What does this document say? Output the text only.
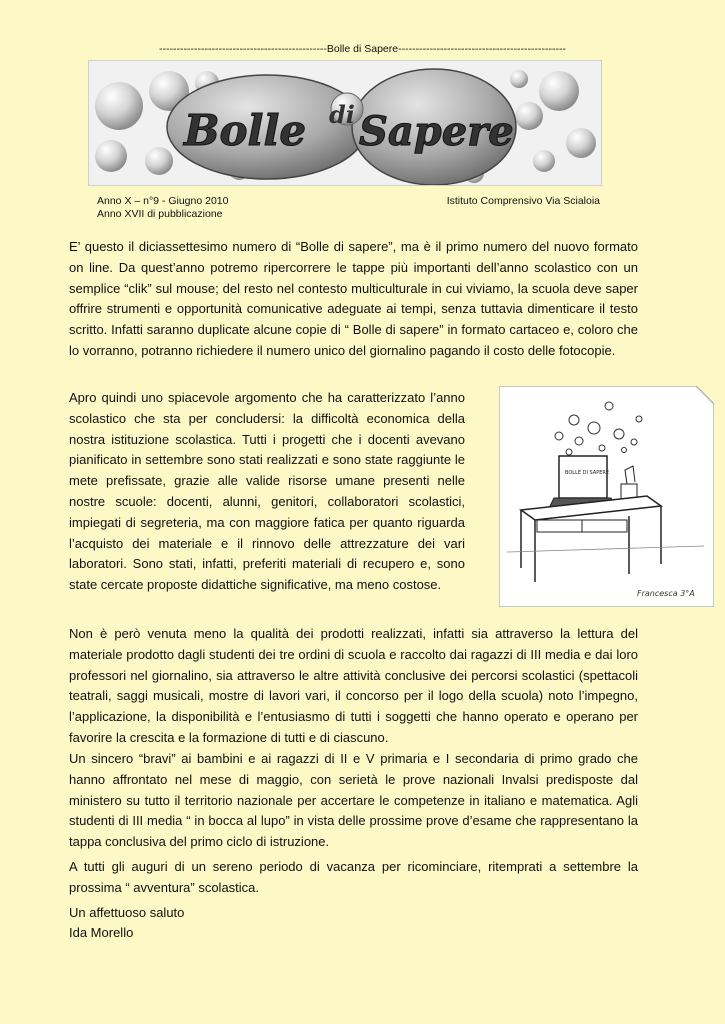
------------------------------------------------Bolle di Sapere------------------------------------------------
Bolle di Sapere
Anno X – n°9 - Giugno 2010
Anno XVII di pubblicazione
Istituto Comprensivo Via Scialoia

E’ questo il diciassettesimo numero di “Bolle di sapere”, ma è il primo numero del nuovo formato on line. Da quest’anno potremo ripercorrere le tappe più importanti dell’anno scolastico con un semplice “clik” sul mouse; del resto nel contesto multiculturale in cui viviamo, la scuola deve saper offrire strumenti e opportunità comunicative adeguate ai tempi, senza tuttavia dimenticare il testo scritto. Infatti saranno duplicate alcune copie di “ Bolle di sapere” in formato cartaceo e, coloro che lo vorranno, potranno richiedere il numero unico del giornalino pagando il costo delle fotocopie.

Apro quindi uno spiacevole argomento che ha caratterizzato l’anno scolastico che sta per concludersi: la difficoltà economica della nostra istituzione scolastica. Tutti i progetti che i docenti avevano pianificato in settembre sono stati realizzati e sono state raggiunte le mete prefissate, grazie alle valide risorse umane presenti nelle nostre scuole: docenti, alunni, genitori, collaboratori scolastici, impiegati di segreteria, ma con maggiore fatica per quanto riguarda l’acquisto dei materiale e il rinnovo delle attrezzature dei vari laboratori. Sono stati, infatti, preferiti materiali di recupero e, sono state cercate proposte didattiche significative, ma meno costose.

BOLLE DI SAPERE
Francesca 3°A

Non è però venuta meno la qualità dei prodotti realizzati, infatti sia attraverso la lettura del materiale prodotto dagli studenti dei tre ordini di scuola e raccolto dai ragazzi di III media e dai loro professori nel giornalino, sia attraverso le altre attività conclusive dei percorsi scolastici (spettacoli teatrali, saggi musicali, mostre di lavori vari, il concorso per il logo della scuola) noto l’impegno, l’applicazione, la disponibilità e l’entusiasmo di tutti i soggetti che hanno operato e operano per favorire la crescita e la formazione di tutti e di ciascuno.

Un sincero “bravi” ai bambini e ai ragazzi di II e V primaria e I secondaria di primo grado che hanno affrontato nel mese di maggio, con serietà le prove nazionali Invalsi predisposte dal ministero su tutto il territorio nazionale per accertare le competenze in italiano e matematica. Agli studenti di III media “ in bocca al lupo” in vista delle prossime prove d’esame che rappresentano la tappa conclusiva del primo ciclo di istruzione.

A tutti gli auguri di un sereno periodo di vacanza per ricominciare, ritemprati a settembre la prossima “ avventura” scolastica.

Un affettuoso saluto
Ida Morello
